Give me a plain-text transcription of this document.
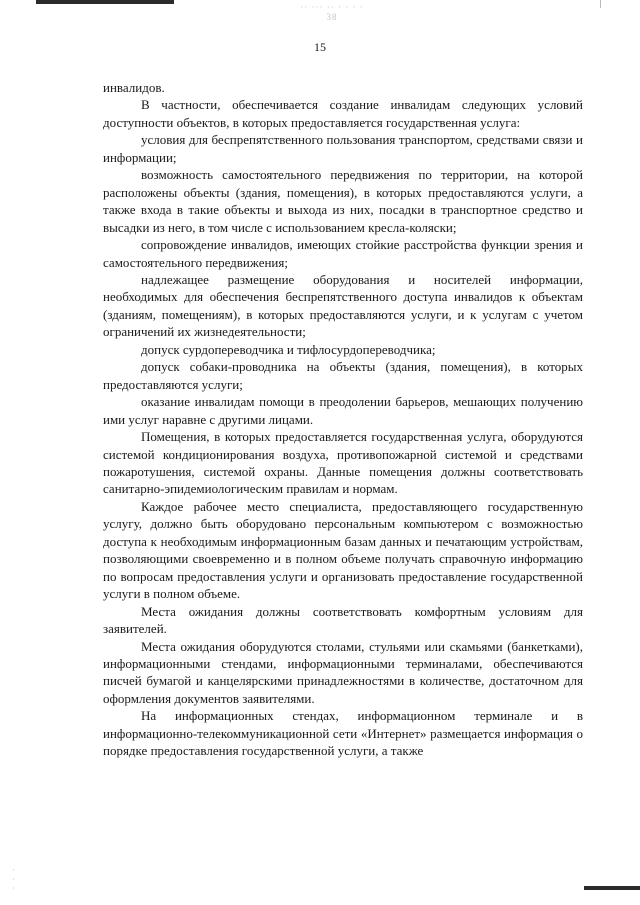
·· ··· ·· · · · ·
38
15

инвалидов.

В частности, обеспечивается создание инвалидам следующих условий доступности объектов, в которых предоставляется государственная услуга:

условия для беспрепятственного пользования транспортом, средствами связи и информации;

возможность самостоятельного передвижения по территории, на которой расположены объекты (здания, помещения), в которых предоставляются услуги, а также входа в такие объекты и выхода из них, посадки в транспортное средство и высадки из него, в том числе с использованием кресла-коляски;

сопровождение инвалидов, имеющих стойкие расстройства функции зрения и самостоятельного передвижения;

надлежащее размещение оборудования и носителей информации, необходимых для обеспечения беспрепятственного доступа инвалидов к объектам (зданиям, помещениям), в которых предоставляются услуги, и к услугам с учетом ограничений их жизнедеятельности;

допуск сурдопереводчика и тифлосурдопереводчика;

допуск собаки-проводника на объекты (здания, помещения), в которых предоставляются услуги;

оказание инвалидам помощи в преодолении барьеров, мешающих получению ими услуг наравне с другими лицами.

Помещения, в которых предоставляется государственная услуга, оборудуются системой кондиционирования воздуха, противопожарной системой и средствами пожаротушения, системой охраны. Данные помещения должны соответствовать санитарно-эпидемиологическим правилам и нормам.

Каждое рабочее место специалиста, предоставляющего государственную услугу, должно быть оборудовано персональным компьютером с возможностью доступа к необходимым информационным базам данных и печатающим устройствам, позволяющими своевременно и в полном объеме получать справочную информацию по вопросам предоставления услуги и организовать предоставление государственной услуги в полном объеме.

Места ожидания должны соответствовать комфортным условиям для заявителей.

Места ожидания оборудуются столами, стульями или скамьями (банкетками), информационными стендами, информационными терминалами, обеспечиваются писчей бумагой и канцелярскими принадлежностями в количестве, достаточном для оформления документов заявителями.

На информационных стендах, информационном терминале и в информационно-телекоммуникационной сети «Интернет» размещается информация о порядке предоставления государственной услуги, а также

·
·
·
